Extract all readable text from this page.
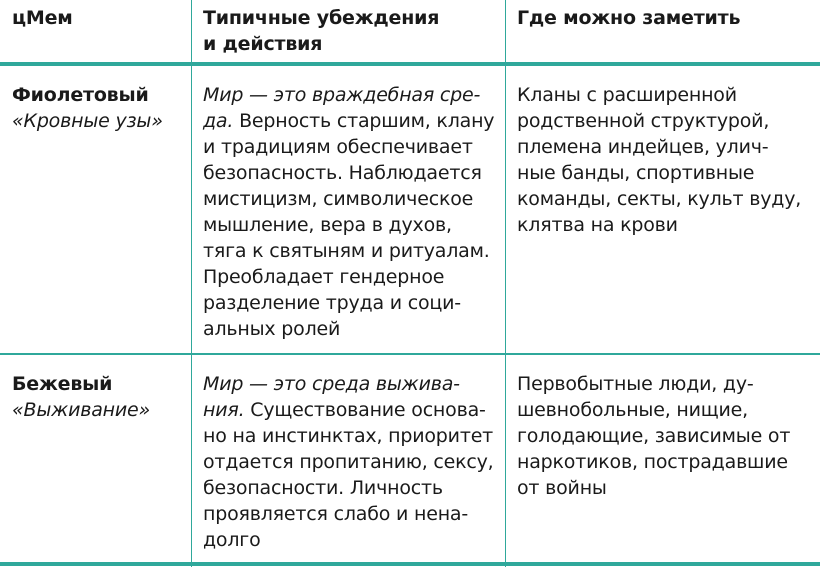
цМем	Типичные убеждения
и действия
Где можно заметить
Фиолетовый
«Кровные узы»
Мир — это враждебная сре-
да. Верность старшим, клану
и традициям обеспечивает
безопасность. Наблюдается
мистицизм, символическое
мышление, вера в духов,
тяга к святыням и ритуалам.
Преобладает гендерное
разделение труда и соци-
альных ролей
Кланы с расширенной
родственной структурой,
племена индейцев, улич-
ные банды, спортивные
команды, секты, культ вуду,
клятва на крови
Бежевый
«Выживание»
Мир — это среда выжива-
ния. Существование основа-
но на инстинктах, приоритет
отдается пропитанию, сексу,
безопасности. Личность
проявляется слабо и нена-
долго
Первобытные люди, ду-
шевнобольные, нищие,
голодающие, зависимые от
наркотиков, пострадавшие
от войны
